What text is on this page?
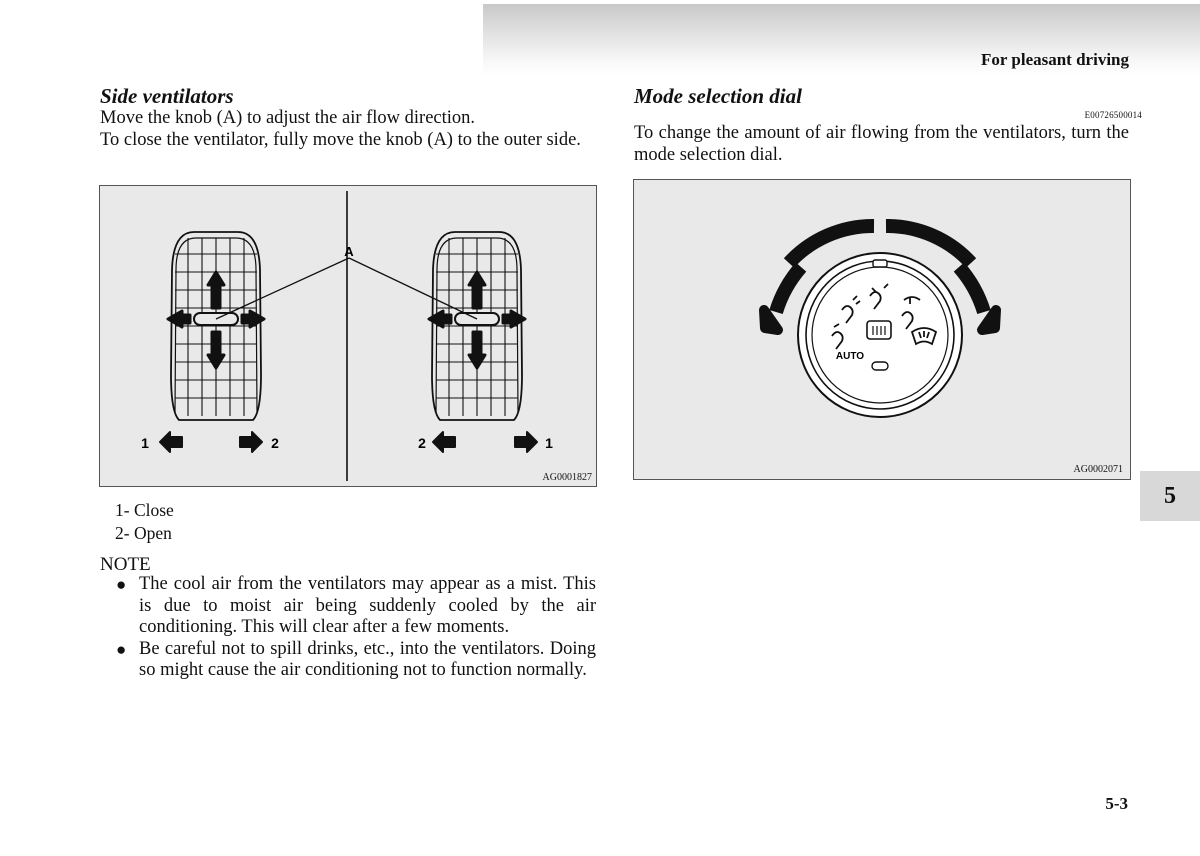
For pleasant driving
Side ventilators

Move the knob (A) to adjust the air flow direction.

To close the ventilator, fully move the knob (A) to the outer side.

A
1	2	2	1
AG0001827
1- Close
2- Open
NOTE

● The cool air from the ventilators may appear as a mist. This is due to moist air being suddenly cooled by the air conditioning. This will clear after a few moments.

● Be careful not to spill drinks, etc., into the ventilators. Doing so might cause the air conditioning not to function normally.

Mode selection dial
E00726500014

To change the amount of air flowing from the ventilators, turn the mode selection dial.

AUTO
AG0002071
5
5-3
